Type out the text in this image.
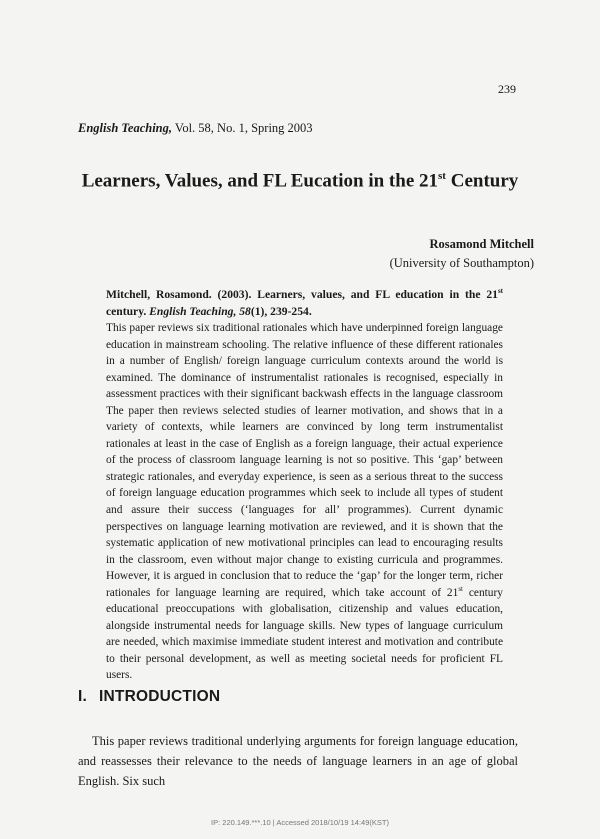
239
English Teaching, Vol. 58, No. 1, Spring 2003
Learners, Values, and FL Eucation in the 21st Century
Rosamond Mitchell
(University of Southampton)
Mitchell, Rosamond. (2003). Learners, values, and FL education in the 21st century. English Teaching, 58(1), 239-254.
This paper reviews six traditional rationales which have underpinned foreign language education in mainstream schooling. The relative influence of these different rationales in a number of English/ foreign language curriculum contexts around the world is examined. The dominance of instrumentalist rationales is recognised, especially in assessment practices with their significant backwash effects in the language classroom The paper then reviews selected studies of learner motivation, and shows that in a variety of contexts, while learners are convinced by long term instrumentalist rationales at least in the case of English as a foreign language, their actual experience of the process of classroom language learning is not so positive. This ‘gap’ between strategic rationales, and everyday experience, is seen as a serious threat to the success of foreign language education programmes which seek to include all types of student and assure their success (‘languages for all’ programmes). Current dynamic perspectives on language learning motivation are reviewed, and it is shown that the systematic application of new motivational principles can lead to encouraging results in the classroom, even without major change to existing curricula and programmes. However, it is argued in conclusion that to reduce the ‘gap’ for the longer term, richer rationales for language learning are required, which take account of 21st century educational preoccupations with globalisation, citizenship and values education, alongside instrumental needs for language skills. New types of language curriculum are needed, which maximise immediate student interest and motivation and contribute to their personal development, as well as meeting societal needs for proficient FL users.
I. INTRODUCTION
This paper reviews traditional underlying arguments for foreign language education, and reassesses their relevance to the needs of language learners in an age of global English. Six such
IP: 220.149.***.10 | Accessed 2018/10/19 14:49(KST)
